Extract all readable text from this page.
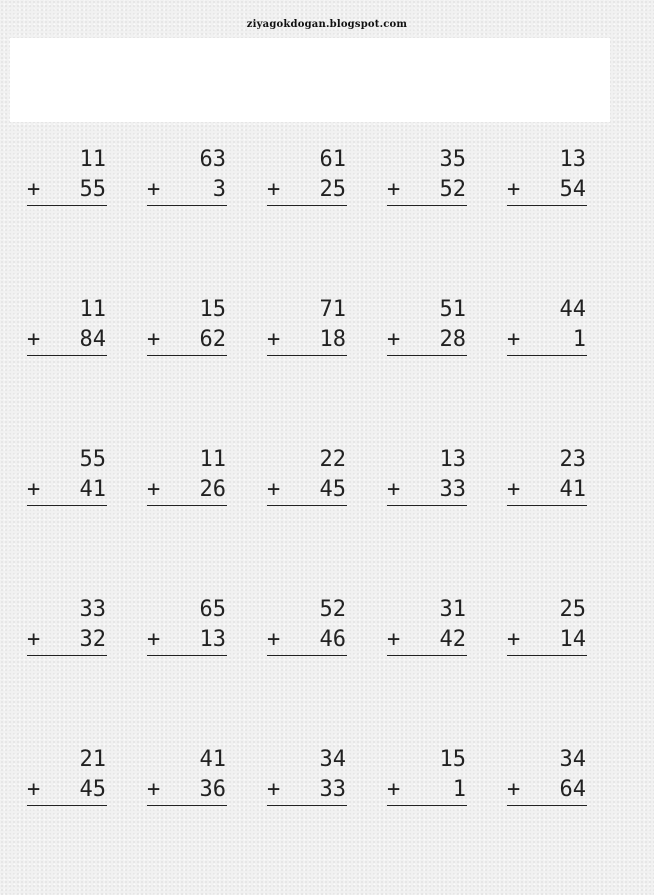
ziyagokdogan.blogspot.com
11
+ 55
63
+ 3
61
+ 25
35
+ 52
13
+ 54
11
+ 84
15
+ 62
71
+ 18
51
+ 28
44
+ 1
55
+ 41
11
+ 26
22
+ 45
13
+ 33
23
+ 41
33
+ 32
65
+ 13
52
+ 46
31
+ 42
25
+ 14
21
+ 45
41
+ 36
34
+ 33
15
+ 1
34
+ 64
